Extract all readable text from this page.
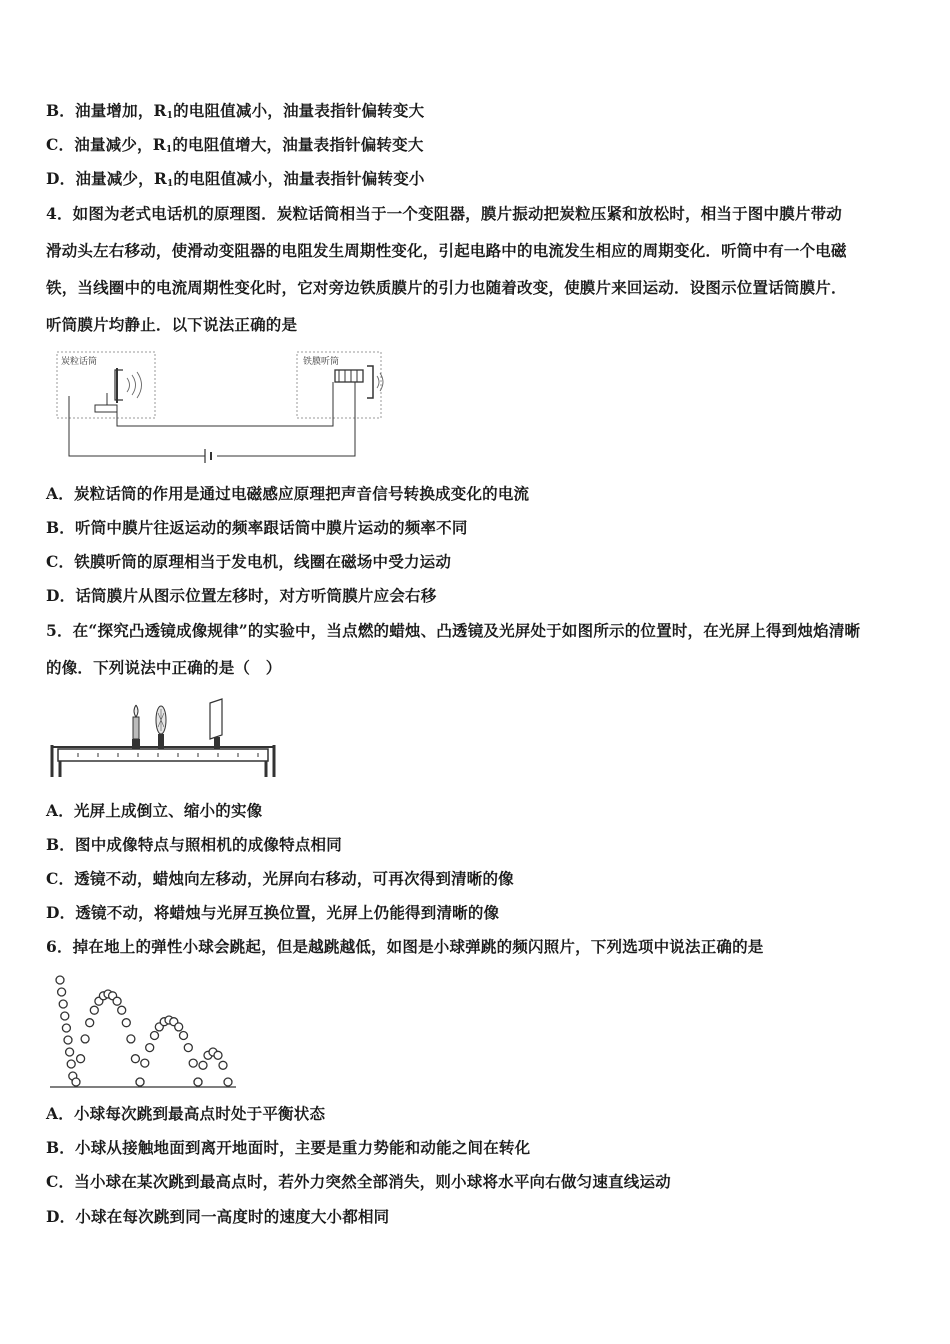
B．油量增加，$R_1$的电阻值减小，油量表指针偏转变大
C．油量减少，$R_1$的电阻值增大，油量表指针偏转变大
D．油量减少，$R_1$的电阻值减小，油量表指针偏转变小
4．如图为老式电话机的原理图．炭粒话筒相当于一个变阻器，膜片振动把炭粒压紧和放松时，相当于图中膜片带动
滑动头左右移动，使滑动变阻器的电阻发生周期性变化，引起电路中的电流发生相应的周期变化．听筒中有一个电磁
铁，当线圈中的电流周期性变化时，它对旁边铁质膜片的引力也随着改变，使膜片来回运动．设图示位置话筒膜片．
听筒膜片均静止．以下说法正确的是
炭粒话筒	铁膜听筒
A．炭粒话筒的作用是通过电磁感应原理把声音信号转换成变化的电流
B．听筒中膜片往返运动的频率跟话筒中膜片运动的频率不同
C．铁膜听筒的原理相当于发电机，线圈在磁场中受力运动
D．话筒膜片从图示位置左移时，对方听筒膜片应会右移
5．在“探究凸透镜成像规律”的实验中，当点燃的蜡烛、凸透镜及光屏处于如图所示的位置时，在光屏上得到烛焰清晰
的像．下列说法中正确的是（　）
A．光屏上成倒立、缩小的实像
B．图中成像特点与照相机的成像特点相同
C．透镜不动，蜡烛向左移动，光屏向右移动，可再次得到清晰的像
D．透镜不动，将蜡烛与光屏互换位置，光屏上仍能得到清晰的像
6．掉在地上的弹性小球会跳起，但是越跳越低，如图是小球弹跳的频闪照片，下列选项中说法正确的是
A．小球每次跳到最高点时处于平衡状态
B．小球从接触地面到离开地面时，主要是重力势能和动能之间在转化
C．当小球在某次跳到最高点时，若外力突然全部消失，则小球将水平向右做匀速直线运动
D．小球在每次跳到同一高度时的速度大小都相同
